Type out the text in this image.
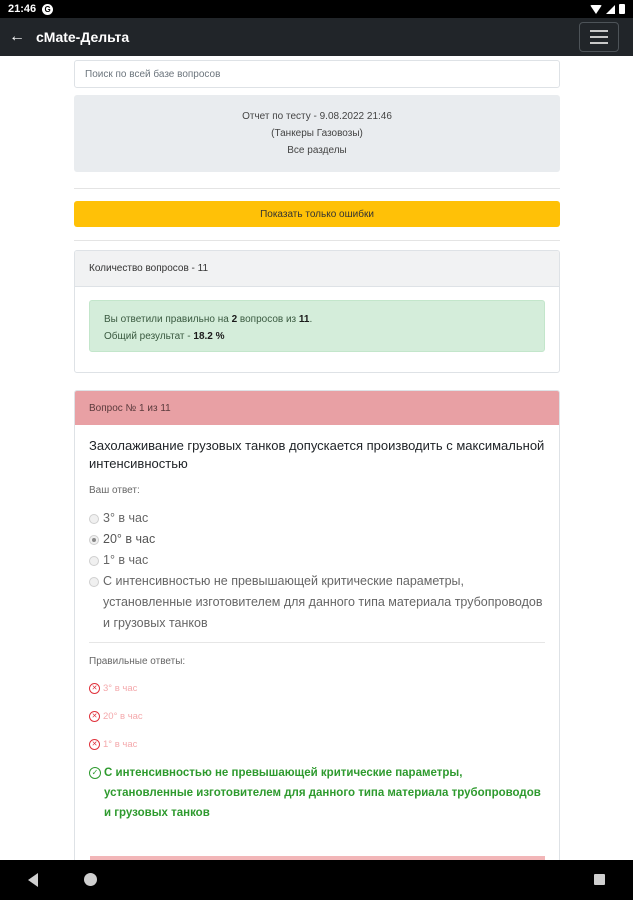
21:46 G
← cMate-Дельта
Поиск по всей базе вопросов
Отчет по тесту - 9.08.2022 21:46
(Танкеры Газовозы)
Все разделы
Показать только ошибки
Количество вопросов - 11
Вы ответили правильно на 2 вопросов из 11.
Общий результат - 18.2 %
Вопрос № 1 из 11
Захолаживание грузовых танков допускается производить с максимальной интенсивностью
Ваш ответ:
3° в час
20° в час
1° в час
С интенсивностью не превышающей критические параметры, установленные изготовителем для данного типа материала трубопроводов и грузовых танков
Правильные ответы:
✕ 3° в час
✕ 20° в час
✕ 1° в час
✓ С интенсивностью не превышающей критические параметры, установленные изготовителем для данного типа материала трубопроводов и грузовых танков
